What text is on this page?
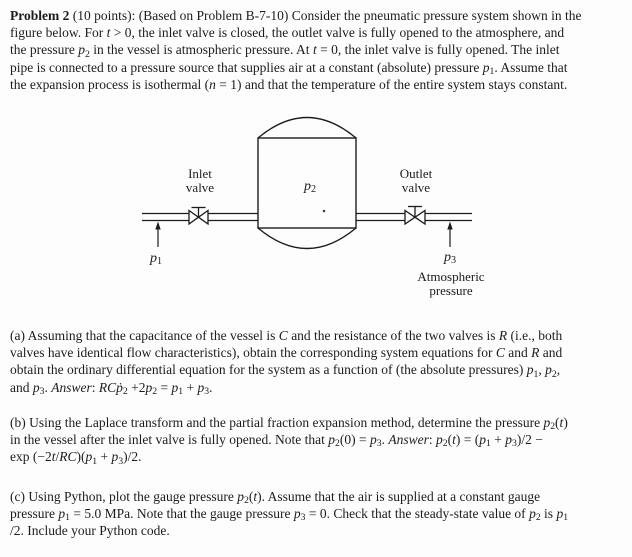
Problem 2 (10 points): (Based on Problem B-7-10) Consider the pneumatic pressure system shown in the
figure below. For t > 0, the inlet valve is closed, the outlet valve is fully opened to the atmosphere, and
the pressure $p_2$ in the vessel is atmospheric pressure. At t = 0, the inlet valve is fully opened. The inlet
pipe is connected to a pressure source that supplies air at a constant (absolute) pressure $p_1$. Assume that
the expansion process is isothermal (n = 1) and that the temperature of the entire system stays constant.
Inlet
valve
Outlet
valve
$p_2$
$p_1$	$p_3$
Atmospheric
pressure
(a) Assuming that the capacitance of the vessel is C and the resistance of the two valves is R (i.e., both
valves have identical flow characteristics), obtain the corresponding system equations for C and R and
obtain the ordinary differential equation for the system as a function of (the absolute pressures) $p_1$, $p_2$,
and $p_3$. Answer: RCṗ$_2$ $+2p_2 = p_1 + p_3$.
(b) Using the Laplace transform and the partial fraction expansion method, determine the pressure $p_2(t)$
in the vessel after the inlet valve is fully opened. Note that $p_2(0) = p_3$. Answer: $p_2(t) = (p_1 + p_3)/2$ −
$\exp (-2t/RC)(p_1 + p_3)/2$.
(c) Using Python, plot the gauge pressure $p_2(t)$. Assume that the air is supplied at a constant gauge
pressure $p_1 = 5.0$ MPa. Note that the gauge pressure $p_3 = 0$. Check that the steady-state value of $p_2$ is $p_1$
/2. Include your Python code.
